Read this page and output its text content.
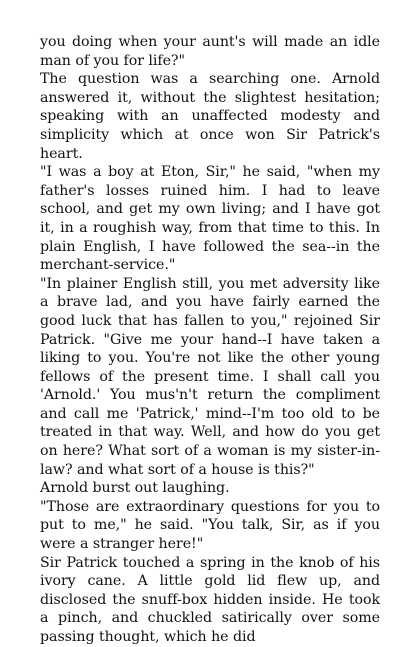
you doing when your aunt's will made an idle man of you for life?"

The question was a searching one. Arnold answered it, without the slightest hesitation; speaking with an unaffected modesty and simplicity which at once won Sir Patrick's heart.

"I was a boy at Eton, Sir," he said, "when my father's losses ruined him. I had to leave school, and get my own living; and I have got it, in a roughish way, from that time to this. In plain English, I have followed the sea--in the merchant-service."

"In plainer English still, you met adversity like a brave lad, and you have fairly earned the good luck that has fallen to you," rejoined Sir Patrick. "Give me your hand--I have taken a liking to you. You're not like the other young fellows of the present time. I shall call you 'Arnold.' You mus'n't return the compliment and call me 'Patrick,' mind--I'm too old to be treated in that way. Well, and how do you get on here? What sort of a woman is my sister-in-law? and what sort of a house is this?"

Arnold burst out laughing.

"Those are extraordinary questions for you to put to me," he said. "You talk, Sir, as if you were a stranger here!"

Sir Patrick touched a spring in the knob of his ivory cane. A little gold lid flew up, and disclosed the snuff-box hidden inside. He took a pinch, and chuckled satirically over some passing thought, which he did
